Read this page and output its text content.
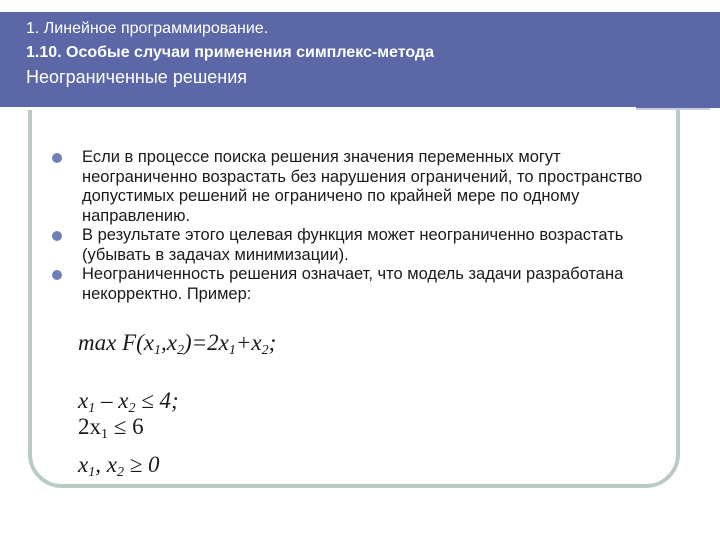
1. Линейное программирование.
1.10. Особые случаи применения симплекс-метода
Неограниченные решения
Если в процессе поиска решения значения переменных могут неограниченно возрастать без нарушения ограничений, то пространство допустимых решений не ограничено по крайней мере по одному направлению.
В результате этого целевая функция может неограниченно возрастать (убывать в задачах минимизации).
Неограниченность решения означает, что модель задачи разработана некорректно. Пример:
$\max F(x_1,x_2)=2x_1+x_2$;
$x_1 - x_2 \le 4$;
$2x_1 \le 6$
$x_1$, $x_2 \ge 0$
